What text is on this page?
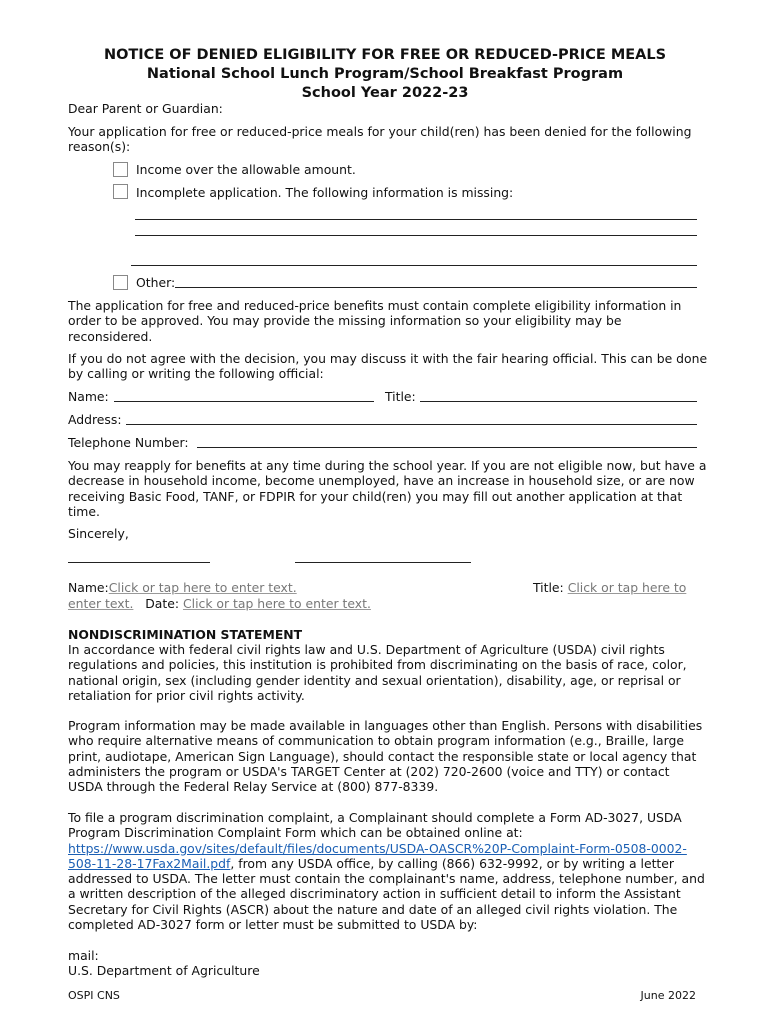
NOTICE OF DENIED ELIGIBILITY FOR FREE OR REDUCED-PRICE MEALS
National School Lunch Program/School Breakfast Program
School Year 2022-23
Dear Parent or Guardian:
Your application for free or reduced-price meals for your child(ren) has been denied for the following reason(s):
Income over the allowable amount.
Incomplete application. The following information is missing:
Other:
The application for free and reduced-price benefits must contain complete eligibility information in order to be approved. You may provide the missing information so your eligibility may be reconsidered.
If you do not agree with the decision, you may discuss it with the fair hearing official. This can be done by calling or writing the following official:
Name:	Title:
Address:
Telephone Number:
You may reapply for benefits at any time during the school year. If you are not eligible now, but have a decrease in household income, become unemployed, have an increase in household size, or are now receiving Basic Food, TANF, or FDPIR for your child(ren) you may fill out another application at that time.
Sincerely,
Name:Click or tap here to enter text.	Title: Click or tap here to
enter text. Date: Click or tap here to enter text.
NONDISCRIMINATION STATEMENT
In accordance with federal civil rights law and U.S. Department of Agriculture (USDA) civil rights regulations and policies, this institution is prohibited from discriminating on the basis of race, color, national origin, sex (including gender identity and sexual orientation), disability, age, or reprisal or retaliation for prior civil rights activity.
Program information may be made available in languages other than English. Persons with disabilities who require alternative means of communication to obtain program information (e.g., Braille, large print, audiotape, American Sign Language), should contact the responsible state or local agency that administers the program or USDA's TARGET Center at (202) 720-2600 (voice and TTY) or contact USDA through the Federal Relay Service at (800) 877-8339.
To file a program discrimination complaint, a Complainant should complete a Form AD-3027, USDA Program Discrimination Complaint Form which can be obtained online at: https://www.usda.gov/sites/default/files/documents/USDA-OASCR%20P-Complaint-Form-0508-0002-508-11-28-17Fax2Mail.pdf, from any USDA office, by calling (866) 632-9992, or by writing a letter addressed to USDA. The letter must contain the complainant's name, address, telephone number, and a written description of the alleged discriminatory action in sufficient detail to inform the Assistant Secretary for Civil Rights (ASCR) about the nature and date of an alleged civil rights violation. The completed AD-3027 form or letter must be submitted to USDA by:
mail:
U.S. Department of Agriculture
OSPI CNS	June 2022
